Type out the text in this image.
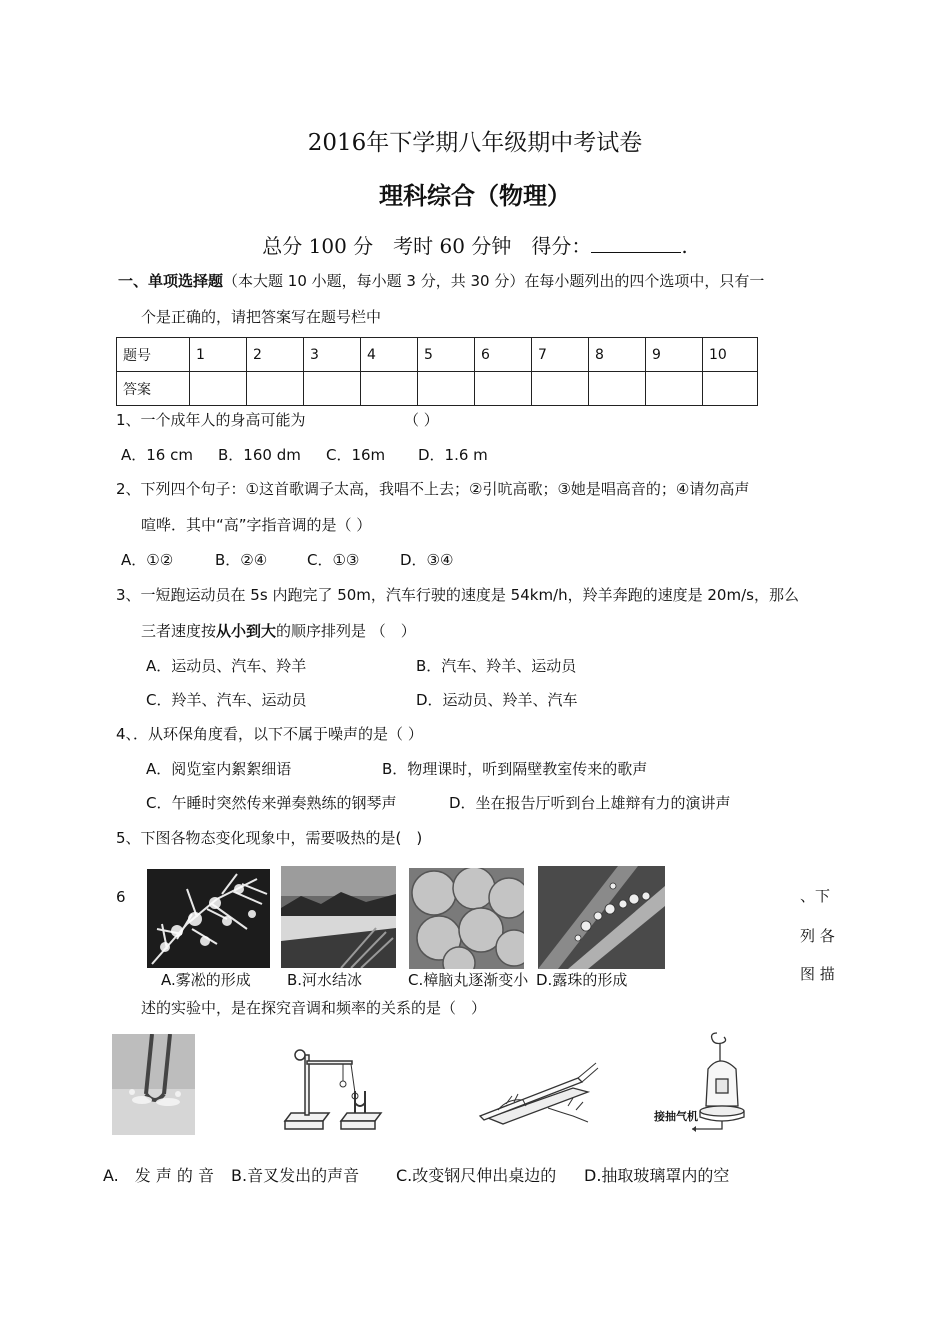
2016年下学期八年级期中考试卷
理科综合（物理）
总分 100 分　考时 60 分钟　得分：	.
一、单项选择题（本大题 10 小题，每小题 3 分，共 30 分）在每小题列出的四个选项中，只有一
个是正确的，请把答案写在题号栏中
题号	1	2	3	4	5	6	7	8	9	10
答案										
1、一个成年人的身高可能为	（ ）
A．16 cm B．160 dm C．16m D．1.6 m
2、下列四个句子：①这首歌调子太高，我唱不上去；②引吭高歌；③她是唱高音的；④请勿高声
喧哗．其中“高”字指音调的是（ ）
A．①②	B．②④	C．①③	D．③④
3、一短跑运动员在 5s 内跑完了 50m，汽车行驶的速度是 54km/h，羚羊奔跑的速度是 20m/s，那么
三者速度按从小到大的顺序排列是 （　）
A．运动员、汽车、羚羊	B．汽车、羚羊、运动员
C．羚羊、汽车、运动员	D．运动员、羚羊、汽车
4、．从环保角度看，以下不属于噪声的是（ ）
A．阅览室内絮絮细语	B．物理课时，听到隔壁教室传来的歌声
C．午睡时突然传来弹奏熟练的钢琴声	D．坐在报告厅听到台上雄辩有力的演讲声
5、下图各物态变化现象中，需要吸热的是(　)
6
A.雾凇的形成 B.河水结冰	C.樟脑丸逐渐变小 D.露珠的形成
、下
列 各
图 描
述的实验中，是在探究音调和频率的关系的是（　）
接抽气机
A.　发 声 的 音 B.音叉发出的声音 C.改变钢尺伸出桌边的 D.抽取玻璃罩内的空
